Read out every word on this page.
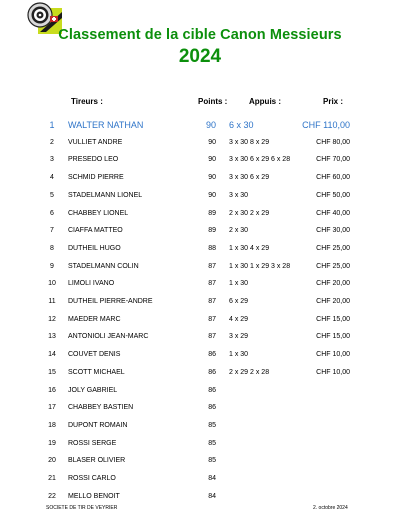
Classement de la cible Canon Messieurs
2024
Tireurs :	Points :	Appuis :	Prix :
1	WALTER NATHAN	90 6 x 30	CHF 110,00
2	VULLIET ANDRE	90 3 x 30 8 x 29	CHF 80,00
3	PRESEDO LEO	90 3 x 30 6 x 29 6 x 28	CHF 70,00
4	SCHMID PIERRE	90 3 x 30 6 x 29	CHF 60,00
5	STADELMANN LIONEL	90 3 x 30	CHF 50,00
6	CHABBEY LIONEL	89 2 x 30 2 x 29	CHF 40,00
7	CIAFFA MATTEO	89 2 x 30	CHF 30,00
8	DUTHEIL HUGO	88 1 x 30 4 x 29	CHF 25,00
9	STADELMANN COLIN	87 1 x 30 1 x 29 3 x 28	CHF 25,00
10	LIMOLI IVANO	87 1 x 30	CHF 20,00
11	DUTHEIL PIERRE-ANDRE	87 6 x 29	CHF 20,00
12	MAEDER MARC	87 4 x 29	CHF 15,00
13	ANTONIOLI JEAN-MARC	87 3 x 29	CHF 15,00
14	COUVET DENIS	86 1 x 30	CHF 10,00
15	SCOTT MICHAEL	86 2 x 29 2 x 28	CHF 10,00
16	JOLY GABRIEL	86
17	CHABBEY BASTIEN	86
18	DUPONT ROMAIN	85
19	ROSSI SERGE	85
20	BLASER OLIVIER	85
21	ROSSI CARLO	84
22	MELLO BENOIT	84
SOCIETE DE TIR DE VEYRIER	2. octobre 2024
